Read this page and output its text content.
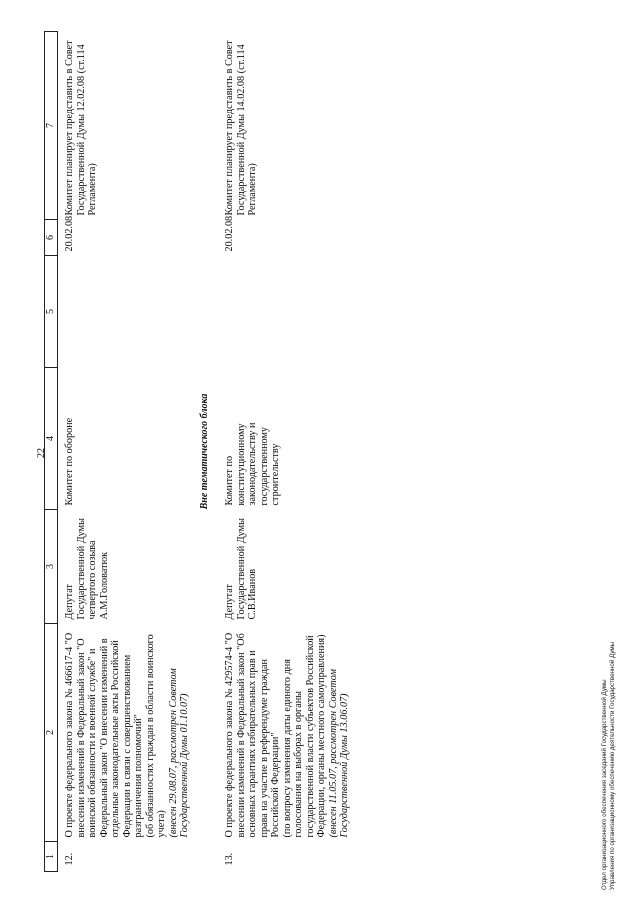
22
1	2	3	4	5	6	7
12.	О проекте федерального закона № 466617-4 "О внесении изменений в Федеральный закон "О воинской обязанности и военной службе" и Федеральный закон "О внесении изменений в отдельные законодательные акты Российской Федерации в связи с совершенствованием разграничения полномочий" (об обязанностях граждан в области воинского учета) (внесен 29.08.07, рассмотрен Советом Государственной Думы 01.10.07)	Депутат Государственной Думы четвертого созыва А.М.Головатюк	Комитет по обороне		20.02.08	Комитет планирует представить в Совет Государственной Думы 12.02.08 (ст.114 Регламента)
Вне тематического блока						
13.	О проекте федерального закона № 429574-4 "О внесении изменений в Федеральный закон "Об основных гарантиях избирательных прав и права на участие в референдуме граждан Российской Федерации" (по вопросу изменения даты единого дня голосования на выборах в органы государственной власти субъектов Российской Федерации, органы местного самоуправления) (внесен 11.05.07, рассмотрен Советом Государственной Думы 13.06.07)	Депутат Государственной Думы С.В.Иванов	Комитет по конституционному законодательству и государственному строительству		20.02.08	Комитет планирует представить в Совет Государственной Думы 14.02.08 (ст.114 Регламента)
Отдел организационного обеспечения заседаний Государственной Думы Управления по организационному обеспечению деятельности Государственной Думы
